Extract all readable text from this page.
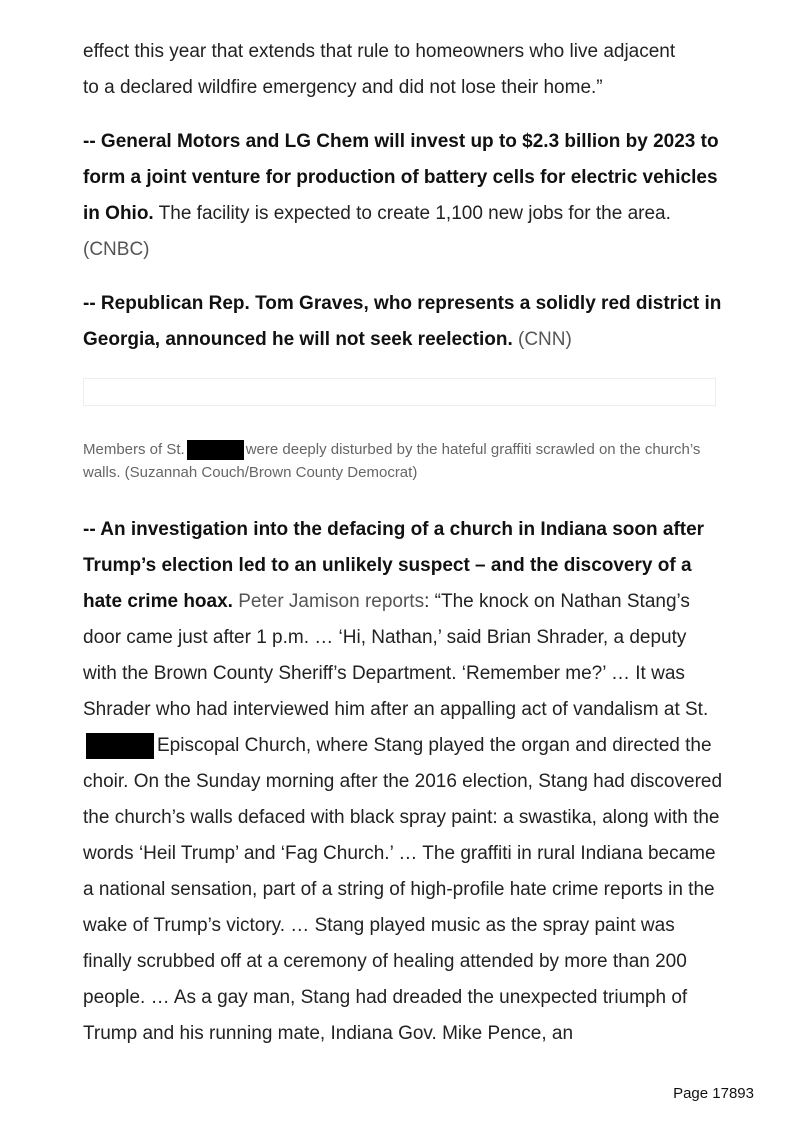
effect this year that extends that rule to homeowners who live adjacent
to a declared wildfire emergency and did not lose their home.”

-- General Motors and LG Chem will invest up to $2.3 billion by 2023 to form a joint venture for production of battery cells for electric vehicles in Ohio. The facility is expected to create 1,100 new jobs for the area. (CNBC)

-- Republican Rep. Tom Graves, who represents a solidly red district in Georgia, announced he will not seek reelection. (CNN)

Members of St.	were deeply disturbed by the hateful graffiti scrawled on the church’s walls. (Suzannah Couch/Brown County Democrat)

-- An investigation into the defacing of a church in Indiana soon after Trump’s election led to an unlikely suspect – and the discovery of a hate crime hoax. Peter Jamison reports: “The knock on Nathan Stang’s door came just after 1 p.m. … ‘Hi, Nathan,’ said Brian Shrader, a deputy with the Brown County Sheriff’s Department. ‘Remember me?’ … It was Shrader who had interviewed him after an appalling act of vandalism at St.Episcopal Church, where Stang played the organ and directed the choir. On the Sunday morning after the 2016 election, Stang had discovered the church’s walls defaced with black spray paint: a swastika, along with the words ‘Heil Trump’ and ‘Fag Church.’ … The graffiti in rural Indiana became a national sensation, part of a string of high-profile hate crime reports in the wake of Trump’s victory. … Stang played music as the spray paint was finally scrubbed off at a ceremony of healing attended by more than 200 people. … As a gay man, Stang had dreaded the unexpected triumph of Trump and his running mate, Indiana Gov. Mike Pence, an

Page 17893
